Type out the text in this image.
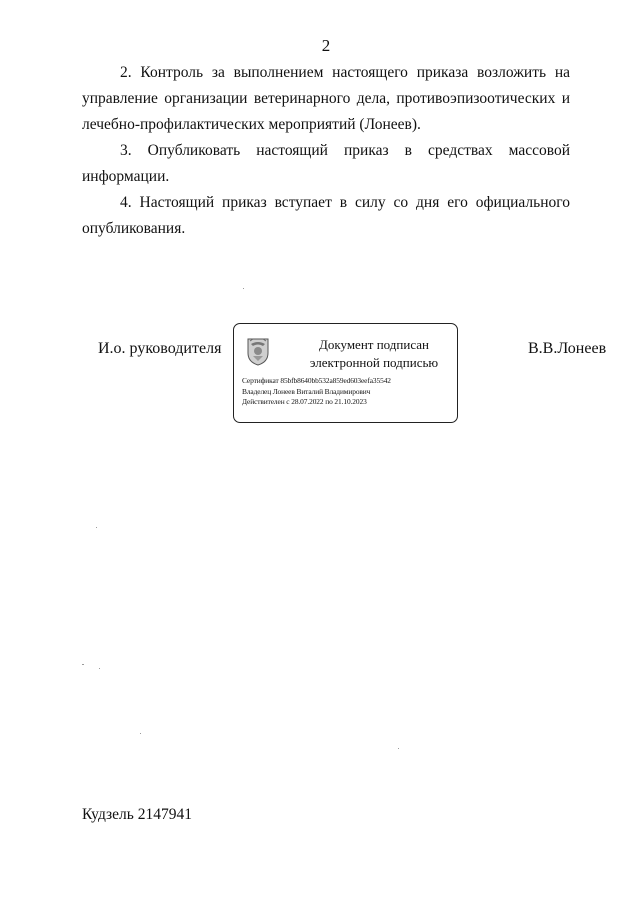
2
2. Контроль за выполнением настоящего приказа возложить на
управление организации ветеринарного дела, противоэпизоотических и
лечебно-профилактических мероприятий (Лонеев).
3. Опубликовать настоящий приказ в средствах массовой
информации.
4. Настоящий приказ вступает в силу со дня его официального
опубликования.
И.о. руководителя	Документ подписан
электронной подписью
Сертификат 85bfb8640bb532a859ed603eefa35542
Владелец Лонеев Виталий Владимирович
Действителен с 28.07.2022 по 21.10.2023
В.В.Лонеев
Кудзель 2147941
